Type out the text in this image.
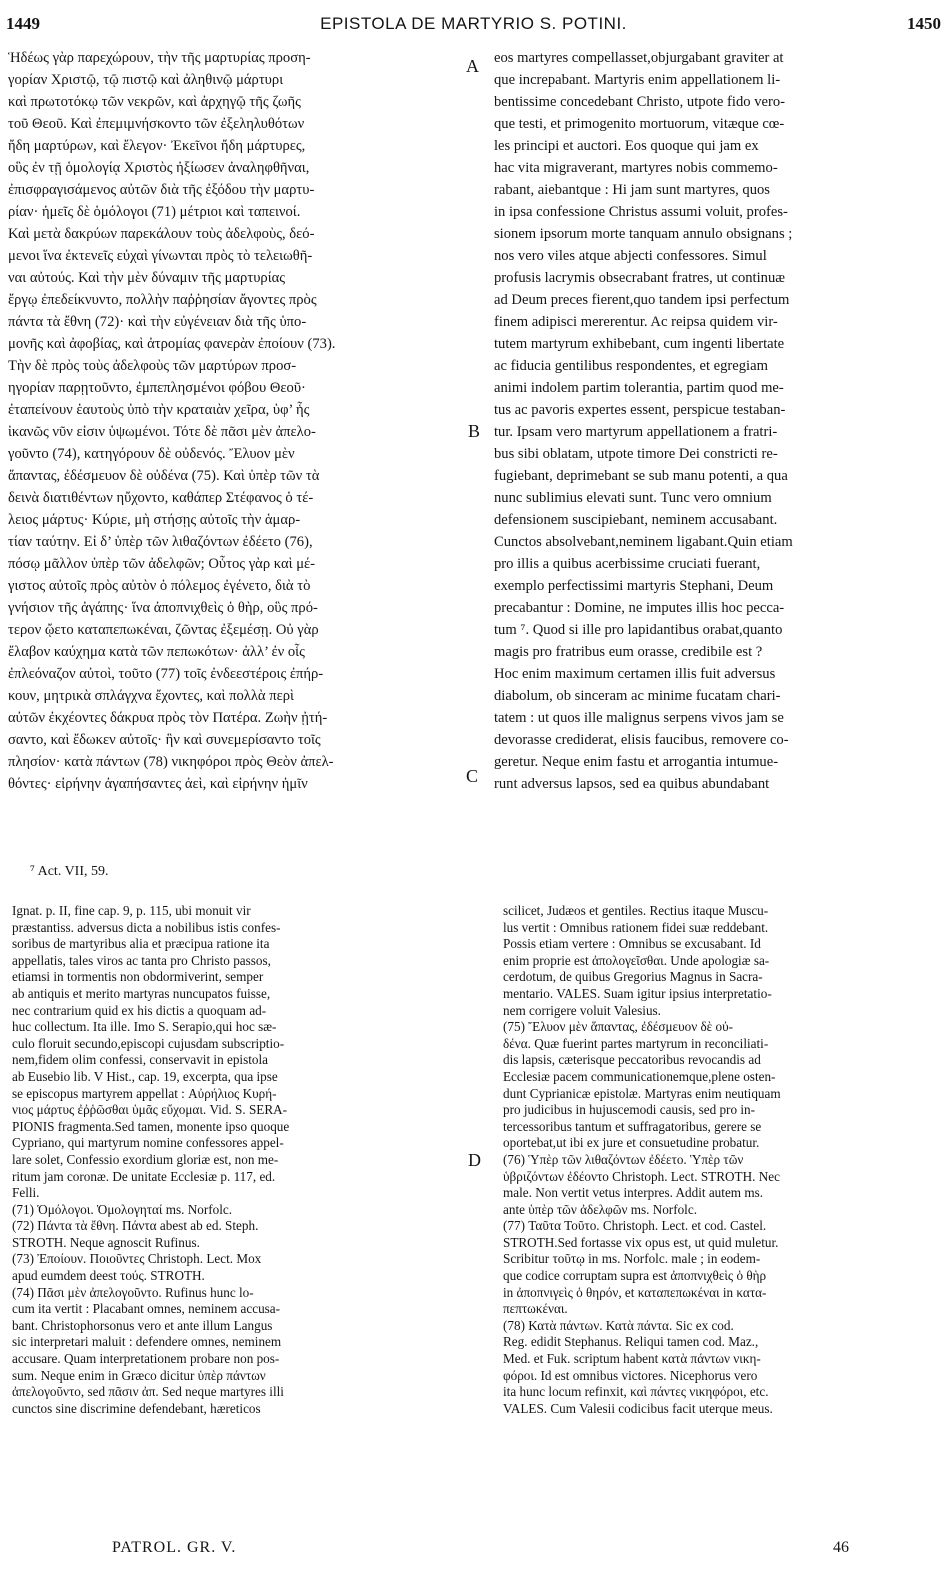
1449	EPISTOLA DE MARTYRIO S. POTINI.	1450

Ἡδέως γὰρ παρεχώρουν, τὴν τῆς μαρτυρίας προση-
γορίαν Χριστῷ, τῷ πιστῷ καὶ ἀληθινῷ μάρτυρι
καὶ πρωτοτόκῳ τῶν νεκρῶν, καὶ ἀρχηγῷ τῆς ζωῆς
τοῦ Θεοῦ. Καὶ ἐπεμιμνήσκοντο τῶν ἐξεληλυθότων
ἤδη μαρτύρων, καὶ ἔλεγον· Ἐκεῖνοι ἤδη μάρτυρες,
οὓς ἐν τῇ ὁμολογίᾳ Χριστὸς ἠξίωσεν ἀναληφθῆναι,
ἐπισφραγισάμενος αὐτῶν διὰ τῆς ἐξόδου τὴν μαρτυ-
ρίαν· ἡμεῖς δὲ ὁμόλογοι (71) μέτριοι καὶ ταπεινοί.
Καὶ μετὰ δακρύων παρεκάλουν τοὺς ἀδελφοὺς, δεό-
μενοι ἵνα ἐκτενεῖς εὐχαὶ γίνωνται πρὸς τὸ τελειωθῆ-
ναι αὐτούς. Καὶ τὴν μὲν δύναμιν τῆς μαρτυρίας
ἔργῳ ἐπεδείκνυντο, πολλὴν παῤῥησίαν ἄγοντες πρὸς
πάντα τὰ ἔθνη (72)· καὶ τὴν εὐγένειαν διὰ τῆς ὑπο-
μονῆς καὶ ἀφοβίας, καὶ ἀτρομίας φανερὰν ἐποίουν (73).
Τὴν δὲ πρὸς τοὺς ἀδελφοὺς τῶν μαρτύρων προσ-
ηγορίαν παρῃτοῦντο, ἐμπεπλησμένοι φόβου Θεοῦ·
ἐταπείνουν ἑαυτοὺς ὑπὸ τὴν κραταιὰν χεῖρα, ὑφ’ ἧς
ἱκανῶς νῦν εἰσιν ὑψωμένοι. Τότε δὲ πᾶσι μὲν ἀπελο-
γοῦντο (74), κατηγόρουν δὲ οὐδενός. Ἔλυον μὲν
ἅπαντας, ἐδέσμευον δὲ οὐδένα (75). Καὶ ὑπὲρ τῶν τὰ
δεινὰ διατιθέντων ηὔχοντο, καθάπερ Στέφανος ὁ τέ-
λειος μάρτυς· Κύριε, μὴ στήσῃς αὐτοῖς τὴν ἁμαρ-
τίαν ταύτην. Εἰ δ’ ὑπὲρ τῶν λιθαζόντων ἐδέετο (76),
πόσῳ μᾶλλον ὑπὲρ τῶν ἀδελφῶν; Οὗτος γὰρ καὶ μέ-
γιστος αὐτοῖς πρὸς αὐτὸν ὁ πόλεμος ἐγένετο, διὰ τὸ
γνήσιον τῆς ἀγάπης· ἵνα ἀποπνιχθεὶς ὁ θὴρ, οὓς πρό-
τερον ᾤετο καταπεπωκέναι, ζῶντας ἐξεμέσῃ. Οὐ γὰρ
ἔλαβον καύχημα κατὰ τῶν πεπωκότων· ἀλλ’ ἐν οἷς
ἐπλεόναζον αὐτοὶ, τοῦτο (77) τοῖς ἐνδεεστέροις ἐπήρ-
κουν, μητρικὰ σπλάγχνα ἔχοντες, καὶ πολλὰ περὶ
αὐτῶν ἐκχέοντες δάκρυα πρὸς τὸν Πατέρα. Ζωὴν ᾐτή-
σαντο, καὶ ἔδωκεν αὐτοῖς· ἣν καὶ συνεμερίσαντο τοῖς
πλησίον· κατὰ πάντων (78) νικηφόροι πρὸς Θεὸν ἀπελ-
θόντες· εἰρήνην ἀγαπήσαντες ἀεὶ, καὶ εἰρήνην ἡμῖν

A
B
C
D

eos martyres compellasset,objurgabant graviter at
que increpabant. Martyris enim appellationem li-
bentissime concedebant Christo, utpote fido vero-
que testi, et primogenito mortuorum, vitæque cœ-
les principi et auctori. Eos quoque qui jam ex
hac vita migraverant, martyres nobis commemo-
rabant, aiebantque : Hi jam sunt martyres, quos
in ipsa confessione Christus assumi voluit, profes-
sionem ipsorum morte tanquam annulo obsignans ;
nos vero viles atque abjecti confessores. Simul
profusis lacrymis obsecrabant fratres, ut continuæ
ad Deum preces fierent,quo tandem ipsi perfectum
finem adipisci mererentur. Ac reipsa quidem vir-
tutem martyrum exhibebant, cum ingenti libertate
ac fiducia gentilibus respondentes, et egregiam
animi indolem partim tolerantia, partim quod me-
tus ac pavoris expertes essent, perspicue testaban-
tur. Ipsam vero martyrum appellationem a fratri-
bus sibi oblatam, utpote timore Dei constricti re-
fugiebant, deprimebant se sub manu potenti, a qua
nunc sublimius elevati sunt. Tunc vero omnium
defensionem suscipiebant, neminem accusabant.
Cunctos absolvebant,neminem ligabant.Quin etiam
pro illis a quibus acerbissime cruciati fuerant,
exemplo perfectissimi martyris Stephani, Deum
precabantur : Domine, ne imputes illis hoc pecca-
tum ⁷. Quod si ille pro lapidantibus orabat,quanto
magis pro fratribus eum orasse, credibile est ?
Hoc enim maximum certamen illis fuit adversus
diabolum, ob sinceram ac minime fucatam chari-
tatem : ut quos ille malignus serpens vivos jam se
devorasse crediderat, elisis faucibus, removere co-
geretur. Neque enim fastu et arrogantia intumue-
runt adversus lapsos, sed ea quibus abundabant

⁷ Act. VII, 59.

Ignat. p. II, fine cap. 9, p. 115, ubi monuit vir
præstantiss. adversus dicta a nobilibus istis confes-
soribus de martyribus alia et præcipua ratione ita
appellatis, tales viros ac tanta pro Christo passos,
etiamsi in tormentis non obdormiverint, semper
ab antiquis et merito martyras nuncupatos fuisse,
nec contrarium quid ex his dictis a quoquam ad-
huc collectum. Ita ille. Imo S. Serapio,qui hoc sæ-
culo floruit secundo,episcopi cujusdam subscriptio-
nem,fidem olim confessi, conservavit in epistola
ab Eusebio lib. V Hist., cap. 19, excerpta, qua ipse
se episcopus martyrem appellat : Αὐρήλιος Κυρή-
νιος μάρτυς ἐῤῥῶσθαι ὑμᾶς εὔχομαι. Vid. S. SERA-
PIONIS fragmenta.Sed tamen, monente ipso quoque
Cypriano, qui martyrum nomine confessores appel-
lare solet, Confessio exordium gloriæ est, non me-
ritum jam coronæ. De unitate Ecclesiæ p. 117, ed.
Felli.
(71) Ὁμόλογοι. Ὁμολογηταί ms. Norfolc.
(72) Πάντα τὰ ἔθνη. Πάντα abest ab ed. Steph.
STROTH. Neque agnoscit Rufinus.
(73) Ἐποίουν. Ποιοῦντες Christoph. Lect. Mox
apud eumdem deest τούς. STROTH.
(74) Πᾶσι μὲν ἀπελογοῦντο. Rufinus hunc lo-
cum ita vertit : Placabant omnes, neminem accusa-
bant. Christophorsonus vero et ante illum Langus
sic interpretari maluit : defendere omnes, neminem
accusare. Quam interpretationem probare non pos-
sum. Neque enim in Græco dicitur ὑπὲρ πάντων
ἀπελογοῦντο, sed πᾶσιν ἀπ. Sed neque martyres illi
cunctos sine discrimine defendebant, hæreticos

scilicet, Judæos et gentiles. Rectius itaque Muscu-
lus vertit : Omnibus rationem fidei suæ reddebant.
Possis etiam vertere : Omnibus se excusabant. Id
enim proprie est ἀπολογεῖσθαι. Unde apologiæ sa-
cerdotum, de quibus Gregorius Magnus in Sacra-
mentario. VALES. Suam igitur ipsius interpretatio-
nem corrigere voluit Valesius.
(75) Ἔλυον μὲν ἅπαντας, ἐδέσμευον δὲ οὐ-
δένα. Quæ fuerint partes martyrum in reconciliati-
dis lapsis, cæterisque peccatoribus revocandis ad
Ecclesiæ pacem communicationemque,plene osten-
dunt Cyprianicæ epistolæ. Martyras enim neutiquam
pro judicibus in hujuscemodi causis, sed pro in-
tercessoribus tantum et suffragatoribus, gerere se
oportebat,ut ibi ex jure et consuetudine probatur.
(76) Ὑπὲρ τῶν λιθαζόντων ἐδέετο. Ὑπὲρ τῶν
ὑβριζόντων ἐδέοντο Christoph. Lect. STROTH. Nec
male. Non vertit vetus interpres. Addit autem ms.
ante ὑπὲρ τῶν ἀδελφῶν ms. Norfolc.
(77) Ταῦτα Τοῦτο. Christoph. Lect. et cod. Castel.
STROTH.Sed fortasse vix opus est, ut quid muletur.
Scribitur τοῦτῳ in ms. Norfolc. male ; in eodem-
que codice corruptam supra est ἀποπνιχθεὶς ὁ θὴρ
in ἀποπνιγεὶς ὁ θηρόν, et καταπεπωκέναι in κατα-
πεπτωκέναι.
(78) Κατὰ πάντων. Κατὰ πάντα. Sic ex cod.
Reg. edidit Stephanus. Reliqui tamen cod. Maz.,
Med. et Fuk. scriptum habent κατὰ πάντων νικη-
φόροι. Id est omnibus victores. Nicephorus vero
ita hunc locum refinxit, καὶ πάντες νικηφόροι, etc.
VALES. Cum Valesii codicibus facit uterque meus.

PATROL. GR. V.	46
